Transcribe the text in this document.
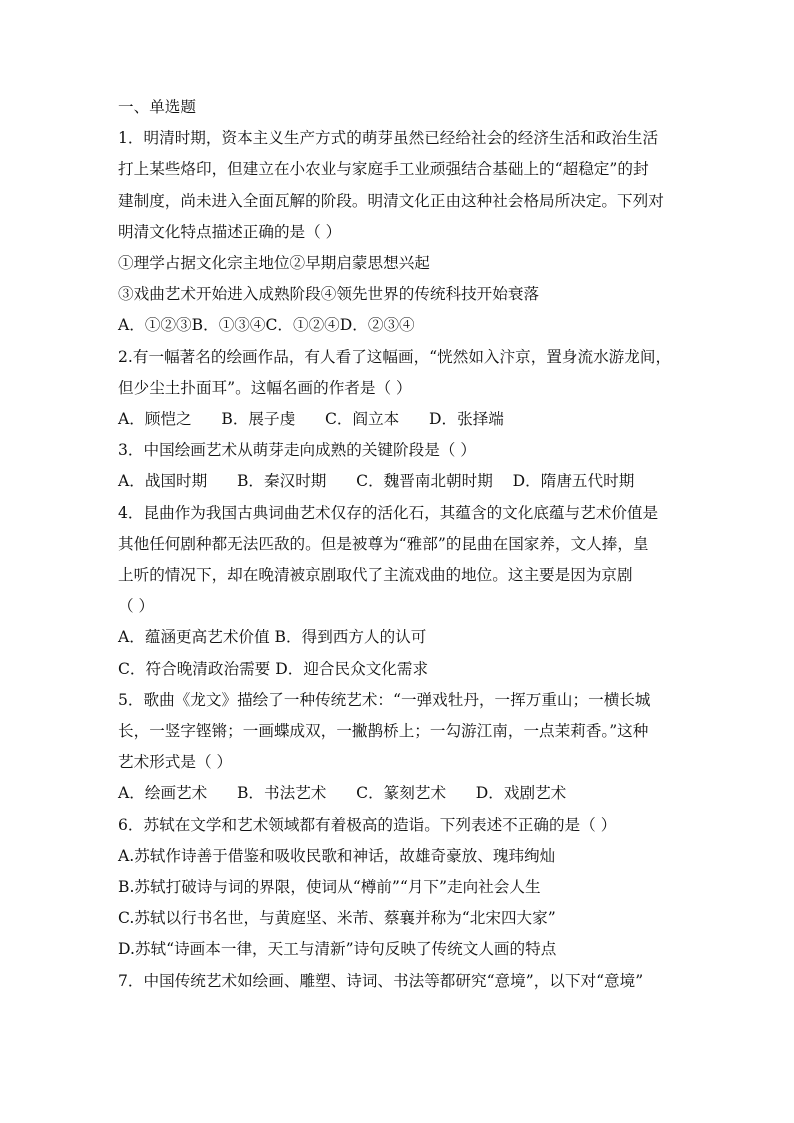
一、单选题
1．明清时期，资本主义生产方式的萌芽虽然已经给社会的经济生活和政治生活
打上某些烙印，但建立在小农业与家庭手工业顽强结合基础上的“超稳定”的封
建制度，尚未进入全面瓦解的阶段。明清文化正由这种社会格局所决定。下列对
明清文化特点描述正确的是（ ）
①理学占据文化宗主地位②早期启蒙思想兴起
③戏曲艺术开始进入成熟阶段④领先世界的传统科技开始衰落
A．①②③B．①③④C．①②④D．②③④
2.有一幅著名的绘画作品，有人看了这幅画，“恍然如入汴京，置身流水游龙间，
但少尘土扑面耳”。这幅名画的作者是（ ）
A．顾恺之      B．展子虔      C．阎立本      D．张择端
3．中国绘画艺术从萌芽走向成熟的关键阶段是（ ）
A．战国时期      B．秦汉时期      C．魏晋南北朝时期    D．隋唐五代时期
4．昆曲作为我国古典词曲艺术仅存的活化石，其蕴含的文化底蕴与艺术价值是
其他任何剧种都无法匹敌的。但是被尊为“雅部”的昆曲在国家养，文人捧，皇
上听的情况下，却在晚清被京剧取代了主流戏曲的地位。这主要是因为京剧
（ ）
A．蕴涵更高艺术价值 B．得到西方人的认可
C．符合晚清政治需要 D．迎合民众文化需求
5．歌曲《龙文》描绘了一种传统艺术：“一弹戏牡丹，一挥万重山；一横长城
长，一竖字铿锵；一画蝶成双，一撇鹊桥上；一勾游江南，一点茉莉香。”这种
艺术形式是（ ）
A．绘画艺术      B．书法艺术      C．篆刻艺术      D．戏剧艺术
6．苏轼在文学和艺术领域都有着极高的造诣。下列表述不正确的是（ ）
A.苏轼作诗善于借鉴和吸收民歌和神话，故雄奇豪放、瑰玮绚灿
B.苏轼打破诗与词的界限，使词从“樽前”“月下”走向社会人生
C.苏轼以行书名世，与黄庭坚、米芾、蔡襄并称为“北宋四大家”
D.苏轼“诗画本一律，天工与清新”诗句反映了传统文人画的特点
7．中国传统艺术如绘画、雕塑、诗词、书法等都研究“意境”，以下对“意境”
